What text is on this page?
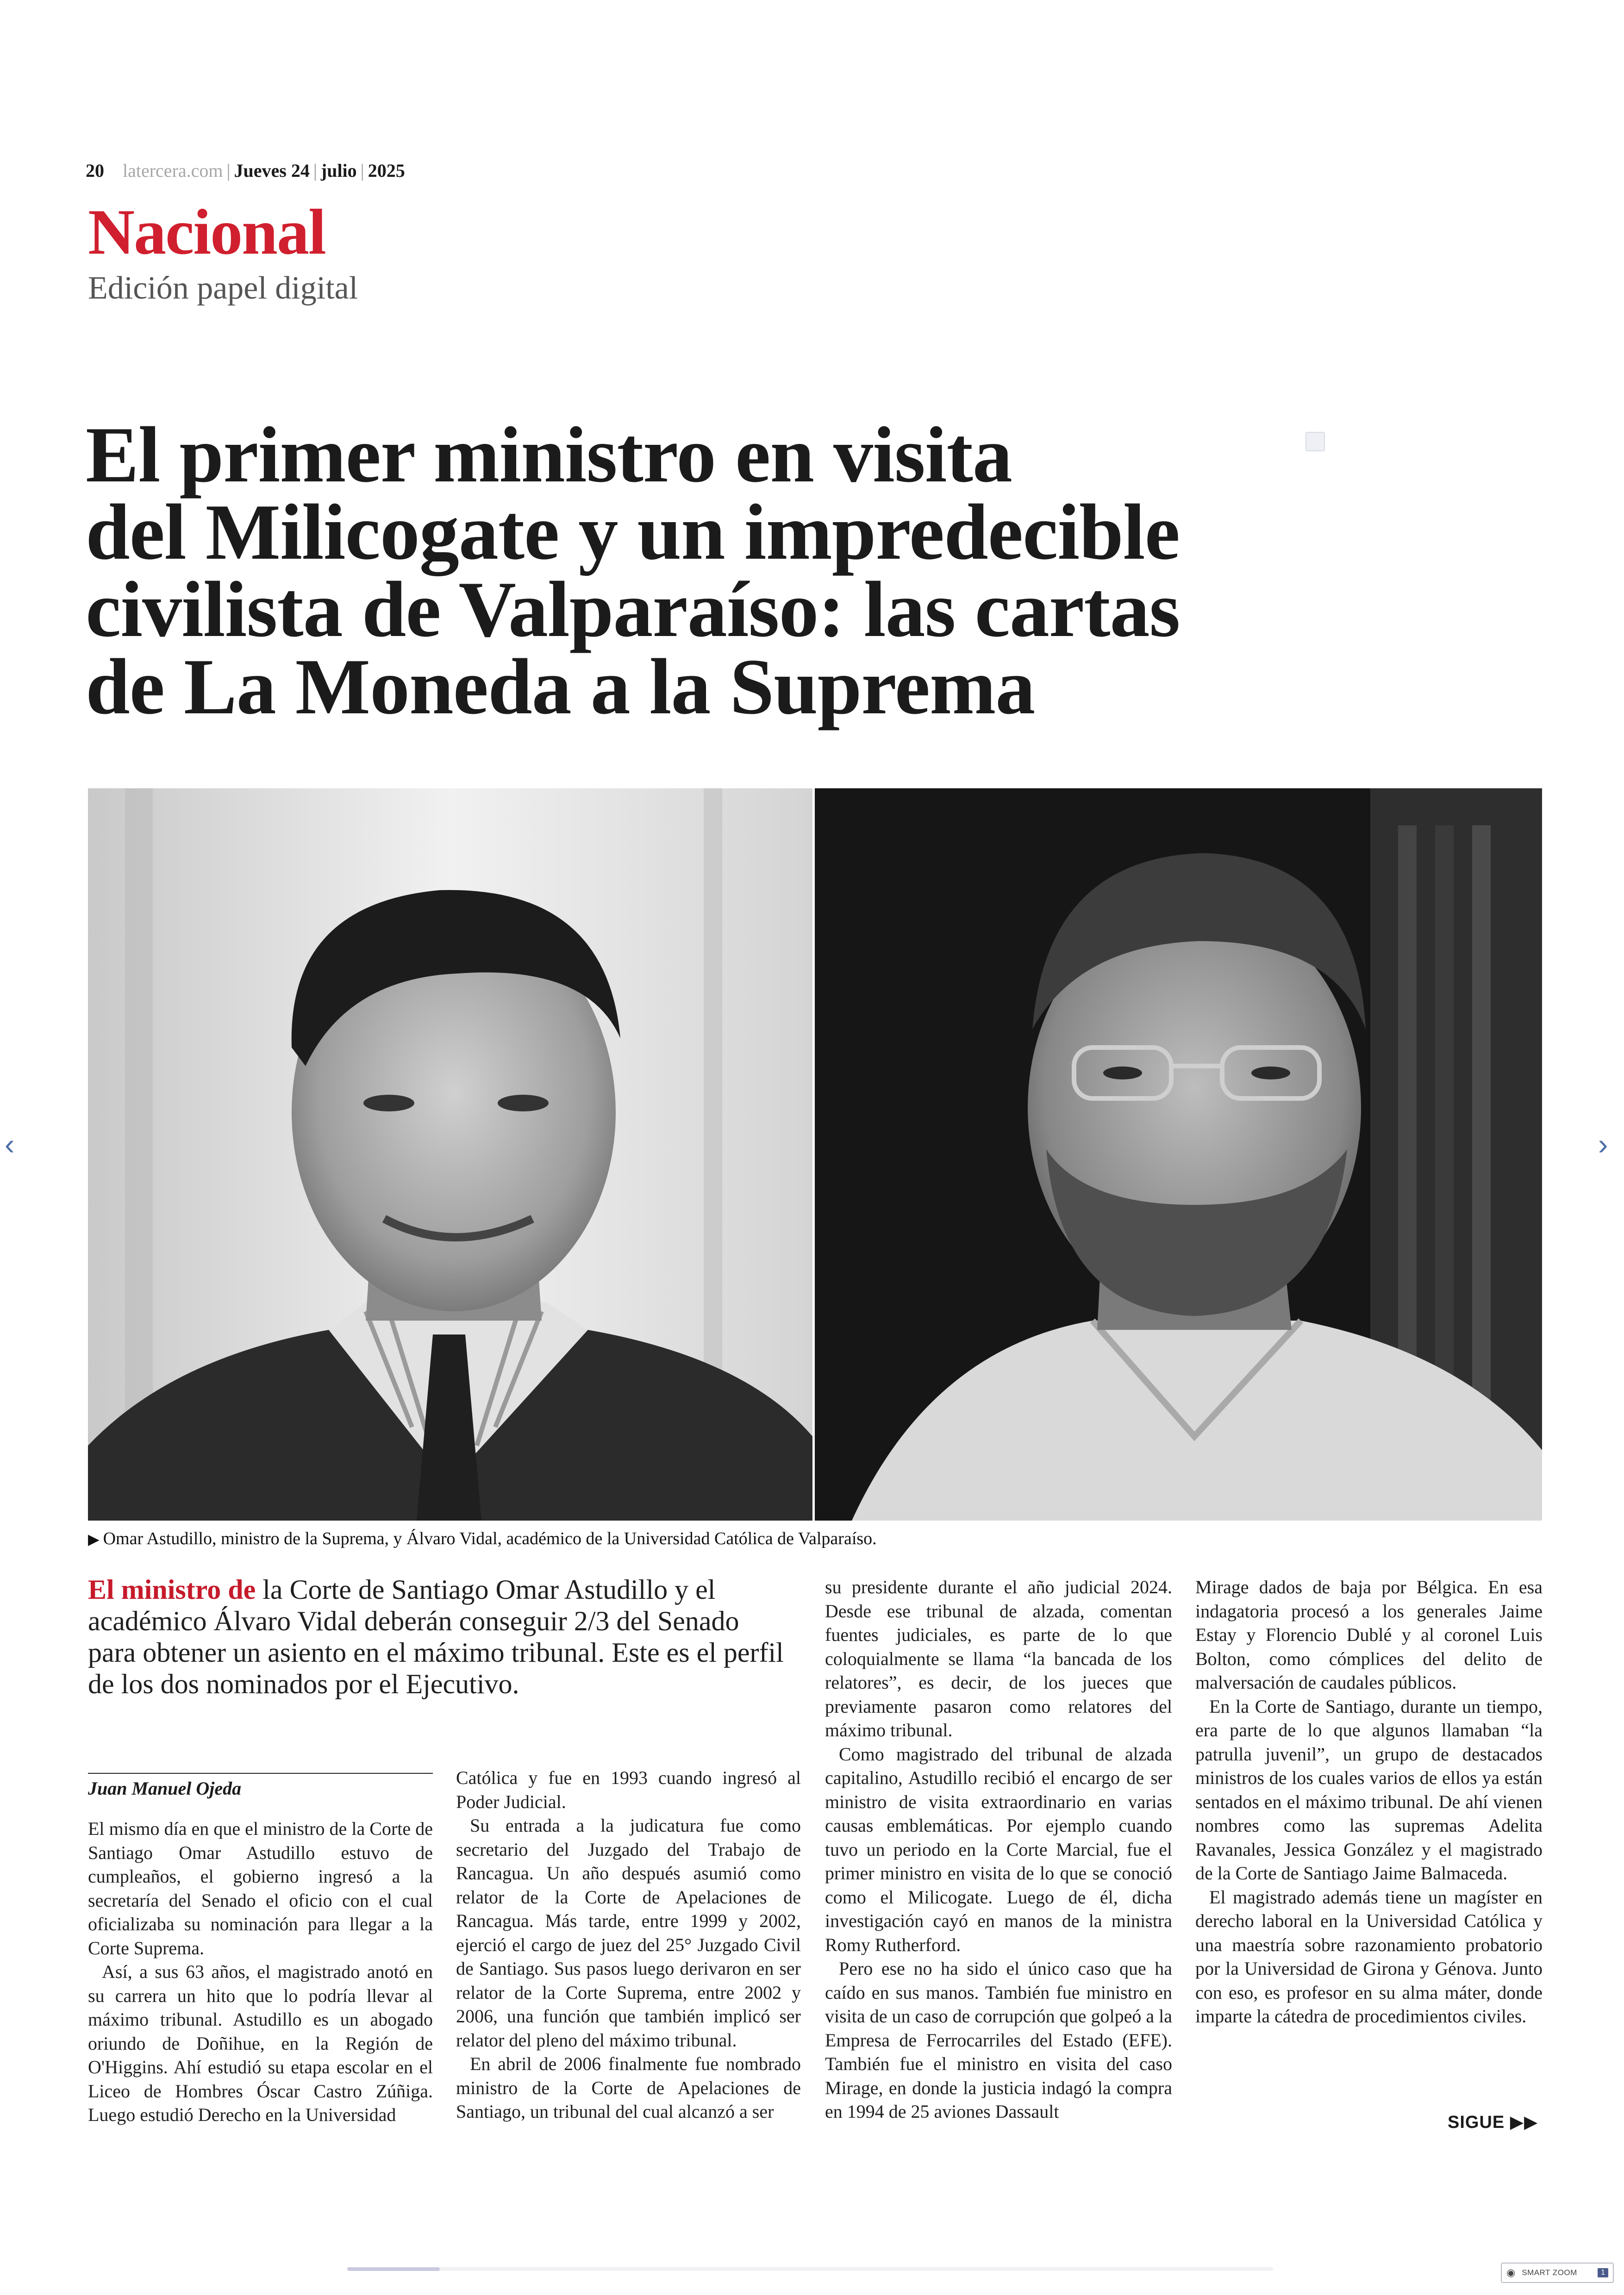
20 latercera.com | Jueves 24 | julio | 2025
Nacional
Edición papel digital
El primer ministro en visita
del Milicogate y un impredecible
civilista de Valparaíso: las cartas
de La Moneda a la Suprema
▶ Omar Astudillo, ministro de la Suprema, y Álvaro Vidal, académico de la Universidad Católica de Valparaíso.
El ministro de la Corte de Santiago Omar Astudillo y el académico Álvaro Vidal deberán conseguir 2/3 del Senado para obtener un asiento en el máximo tribunal. Este es el perfil de los dos nominados por el Ejecutivo.
Juan Manuel Ojeda

El mismo día en que el ministro de la Corte de Santiago Omar Astudillo estuvo de cumpleaños, el gobierno ingresó a la secretaría del Senado el oficio con el cual oficializaba su nominación para llegar a la Corte Suprema.

Así, a sus 63 años, el magistrado anotó en su carrera un hito que lo podría llevar al máximo tribunal. Astudillo es un abogado oriundo de Doñihue, en la Región de O'Higgins. Ahí estudió su etapa escolar en el Liceo de Hombres Óscar Castro Zúñiga. Luego estudió Derecho en la Universidad

Católica y fue en 1993 cuando ingresó al Poder Judicial.

Su entrada a la judicatura fue como secretario del Juzgado del Trabajo de Rancagua. Un año después asumió como relator de la Corte de Apelaciones de Rancagua. Más tarde, entre 1999 y 2002, ejerció el cargo de juez del 25° Juzgado Civil de Santiago. Sus pasos luego derivaron en ser relator de la Corte Suprema, entre 2002 y 2006, una función que también implicó ser relator del pleno del máximo tribunal.

En abril de 2006 finalmente fue nombrado ministro de la Corte de Apelaciones de Santiago, un tribunal del cual alcanzó a ser

su presidente durante el año judicial 2024. Desde ese tribunal de alzada, comentan fuentes judiciales, es parte de lo que coloquialmente se llama “la bancada de los relatores”, es decir, de los jueces que previamente pasaron como relatores del máximo tribunal.

Como magistrado del tribunal de alzada capitalino, Astudillo recibió el encargo de ser ministro de visita extraordinario en varias causas emblemáticas. Por ejemplo cuando tuvo un periodo en la Corte Marcial, fue el primer ministro en visita de lo que se conoció como el Milicogate. Luego de él, dicha investigación cayó en manos de la ministra Romy Rutherford.

Pero ese no ha sido el único caso que ha caído en sus manos. También fue ministro en visita de un caso de corrupción que golpeó a la Empresa de Ferrocarriles del Estado (EFE). También fue el ministro en visita del caso Mirage, en donde la justicia indagó la compra en 1994 de 25 aviones Dassault

Mirage dados de baja por Bélgica. En esa indagatoria procesó a los generales Jaime Estay y Florencio Dublé y al coronel Luis Bolton, como cómplices del delito de malversación de caudales públicos.

En la Corte de Santiago, durante un tiempo, era parte de lo que algunos llamaban “la patrulla juvenil”, un grupo de destacados ministros de los cuales varios de ellos ya están sentados en el máximo tribunal. De ahí vienen nombres como las supremas Adelita Ravanales, Jessica González y el magistrado de la Corte de Santiago Jaime Balmaceda.

El magistrado además tiene un magíster en derecho laboral en la Universidad Católica y una maestría sobre razonamiento probatorio por la Universidad de Girona y Génova. Junto con eso, es profesor en su alma máter, donde imparte la cátedra de procedimientos civiles.

SIGUE ▶▶
‹	›
◉ SMART ZOOM	1
